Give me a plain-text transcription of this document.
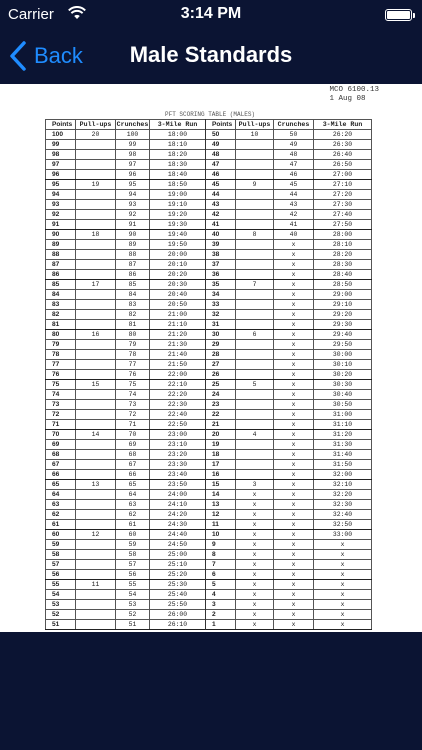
Carrier	3:14 PM
Back	Male Standards
MCO 6100.13
1 Aug 08
PFT SCORING TABLE (MALES)
Points	Pull-ups	Crunches	3-Mile Run	Points	Pull-ups	Crunches	3-Mile Run
100	20	100	18:00	50	10	50	26:20
99		99	18:10	49		49	26:30
98		98	18:20	48		48	26:40
97		97	18:30	47		47	26:50
96		96	18:40	46		46	27:00
95	19	95	18:50	45	9	45	27:10
94		94	19:00	44		44	27:20
93		93	19:10	43		43	27:30
92		92	19:20	42		42	27:40
91		91	19:30	41		41	27:50
90	18	90	19:40	40	8	40	28:00
89		89	19:50	39		x	28:10
88		88	20:00	38		x	28:20
87		87	20:10	37		x	28:30
86		86	20:20	36		x	28:40
85	17	85	20:30	35	7	x	28:50
84		84	20:40	34		x	29:00
83		83	20:50	33		x	29:10
82		82	21:00	32		x	29:20
81		81	21:10	31		x	29:30
80	16	80	21:20	30	6	x	29:40
79		79	21:30	29		x	29:50
78		78	21:40	28		x	30:00
77		77	21:50	27		x	30:10
76		76	22:00	26		x	30:20
75	15	75	22:10	25	5	x	30:30
74		74	22:20	24		x	30:40
73		73	22:30	23		x	30:50
72		72	22:40	22		x	31:00
71		71	22:50	21		x	31:10
70	14	70	23:00	20	4	x	31:20
69		69	23:10	19		x	31:30
68		68	23:20	18		x	31:40
67		67	23:30	17		x	31:50
66		66	23:40	16		x	32:00
65	13	65	23:50	15	3	x	32:10
64		64	24:00	14	x	x	32:20
63		63	24:10	13	x	x	32:30
62		62	24:20	12	x	x	32:40
61		61	24:30	11	x	x	32:50
60	12	60	24:40	10	x	x	33:00
59		59	24:50	9	x	x	x
58		58	25:00	8	x	x	x
57		57	25:10	7	x	x	x
56		56	25:20	6	x	x	x
55	11	55	25:30	5	x	x	x
54		54	25:40	4	x	x	x
53		53	25:50	3	x	x	x
52		52	26:00	2	x	x	x
51		51	26:10	1	x	x	x
